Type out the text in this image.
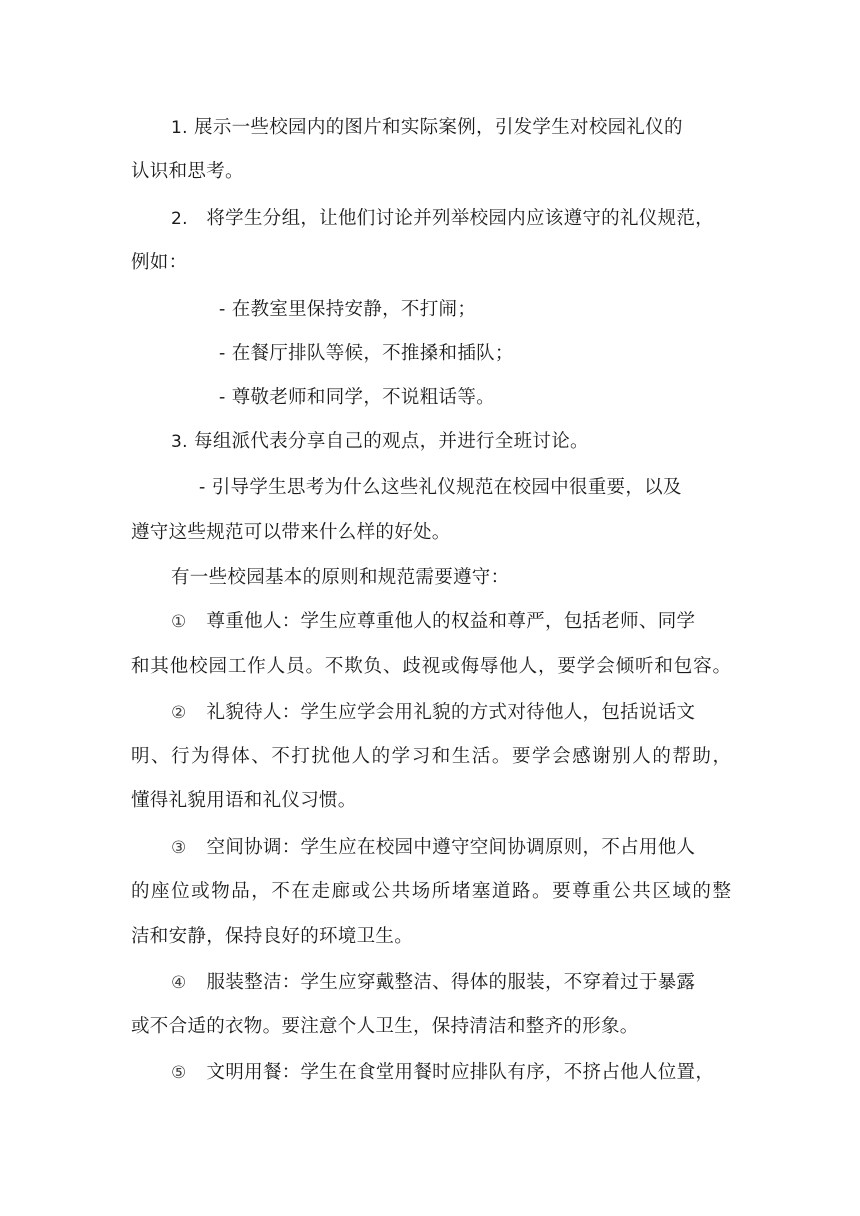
1. 展示一些校园内的图片和实际案例，引发学生对校园礼仪的
认识和思考。
2. 将学生分组，让他们讨论并列举校园内应该遵守的礼仪规范，
例如：
- 在教室里保持安静，不打闹；
- 在餐厅排队等候，不推搡和插队；
- 尊敬老师和同学，不说粗话等。
3. 每组派代表分享自己的观点，并进行全班讨论。
- 引导学生思考为什么这些礼仪规范在校园中很重要，以及
遵守这些规范可以带来什么样的好处。
有一些校园基本的原则和规范需要遵守：
① 尊重他人：学生应尊重他人的权益和尊严，包括老师、同学
和其他校园工作人员。不欺负、歧视或侮辱他人，要学会倾听和包容。
② 礼貌待人：学生应学会用礼貌的方式对待他人，包括说话文
明、行为得体、不打扰他人的学习和生活。要学会感谢别人的帮助，
懂得礼貌用语和礼仪习惯。
③ 空间协调：学生应在校园中遵守空间协调原则，不占用他人
的座位或物品，不在走廊或公共场所堵塞道路。要尊重公共区域的整
洁和安静，保持良好的环境卫生。
④ 服装整洁：学生应穿戴整洁、得体的服装，不穿着过于暴露
或不合适的衣物。要注意个人卫生，保持清洁和整齐的形象。
⑤ 文明用餐：学生在食堂用餐时应排队有序，不挤占他人位置，
